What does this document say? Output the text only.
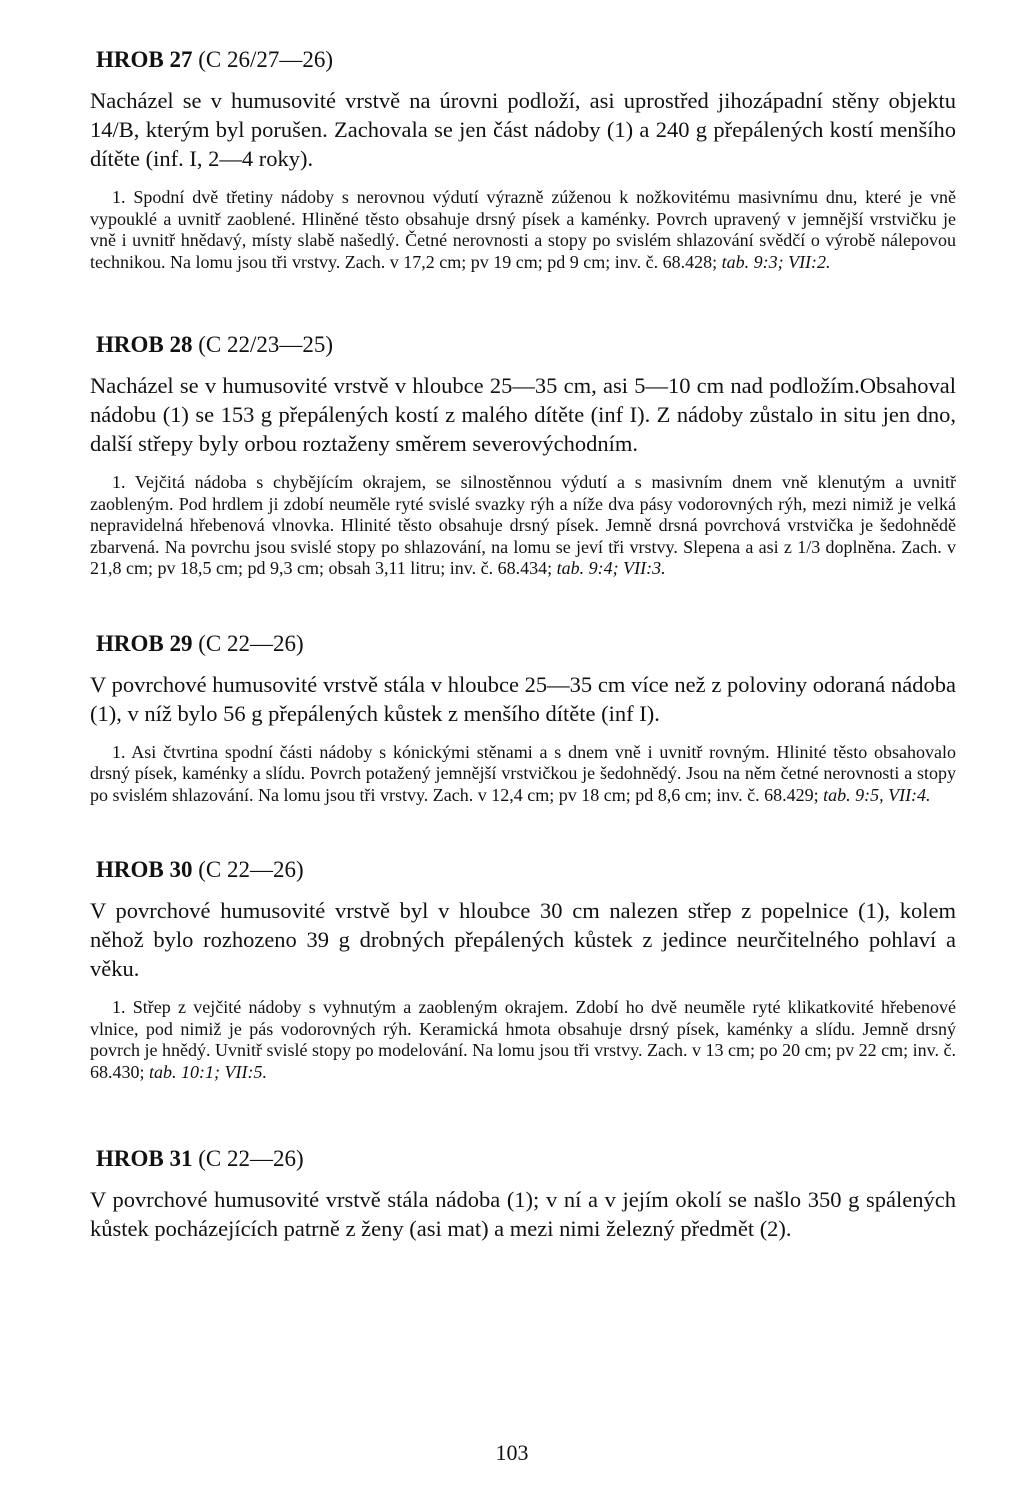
HROB 27 (C 26/27—26)

Nacházel se v humusovité vrstvě na úrovni podloží, asi uprostřed jihozápadní stěny objektu 14/B, kterým byl porušen. Zachovala se jen část nádoby (1) a 240 g přepálených kostí menšího dítěte (inf. I, 2—4 roky).

1. Spodní dvě třetiny nádoby s nerovnou výdutí výrazně zúženou k nožkovitému masivnímu dnu, které je vně vypouklé a uvnitř zaoblené. Hliněné těsto obsahuje drsný písek a kaménky. Povrch upravený v jemnější vrstvičku je vně i uvnitř hnědavý, místy slabě našedlý. Četné nerovnosti a stopy po svislém shlazování svědčí o výrobě nálepovou technikou. Na lomu jsou tři vrstvy. Zach. v 17,2 cm; pv 19 cm; pd 9 cm; inv. č. 68.428; tab. 9:3; VII:2.

HROB 28 (C 22/23—25)

Nacházel se v humusovité vrstvě v hloubce 25—35 cm, asi 5—10 cm nad podložím.Obsahoval nádobu (1) se 153 g přepálených kostí z malého dítěte (inf I). Z nádoby zůstalo in situ jen dno, další střepy byly orbou roztaženy směrem severovýchodním.

1. Vejčitá nádoba s chybějícím okrajem, se silnostěnnou výdutí a s masivním dnem vně klenutým a uvnitř zaobleným. Pod hrdlem ji zdobí neuměle ryté svislé svazky rýh a níže dva pásy vodorovných rýh, mezi nimiž je velká nepravidelná hřebenová vlnovka. Hlinité těsto obsahuje drsný písek. Jemně drsná povrchová vrstvička je šedohnědě zbarvená. Na povrchu jsou svislé stopy po shlazování, na lomu se jeví tři vrstvy. Slepena a asi z 1/3 doplněna. Zach. v 21,8 cm; pv 18,5 cm; pd 9,3 cm; obsah 3,11 litru; inv. č. 68.434; tab. 9:4; VII:3.

HROB 29 (C 22—26)

V povrchové humusovité vrstvě stála v hloubce 25—35 cm více než z poloviny odoraná nádoba (1), v níž bylo 56 g přepálených kůstek z menšího dítěte (inf I).

1. Asi čtvrtina spodní části nádoby s kónickými stěnami a s dnem vně i uvnitř rovným. Hlinité těsto obsahovalo drsný písek, kaménky a slídu. Povrch potažený jemnější vrstvičkou je šedohnědý. Jsou na něm četné nerovnosti a stopy po svislém shlazování. Na lomu jsou tři vrstvy. Zach. v 12,4 cm; pv 18 cm; pd 8,6 cm; inv. č. 68.429; tab. 9:5, VII:4.

HROB 30 (C 22—26)

V povrchové humusovité vrstvě byl v hloubce 30 cm nalezen střep z popelnice (1), kolem něhož bylo rozhozeno 39 g drobných přepálených kůstek z jedince neurčitelného pohlaví a věku.

1. Střep z vejčité nádoby s vyhnutým a zaobleným okrajem. Zdobí ho dvě neuměle ryté klikatkovité hřebenové vlnice, pod nimiž je pás vodorovných rýh. Keramická hmota obsahuje drsný písek, kaménky a slídu. Jemně drsný povrch je hnědý. Uvnitř svislé stopy po modelování. Na lomu jsou tři vrstvy. Zach. v 13 cm; po 20 cm; pv 22 cm; inv. č. 68.430; tab. 10:1; VII:5.

HROB 31 (C 22—26)

V povrchové humusovité vrstvě stála nádoba (1); v ní a v jejím okolí se našlo 350 g spálených kůstek pocházejících patrně z ženy (asi mat) a mezi nimi železný předmět (2).

103
